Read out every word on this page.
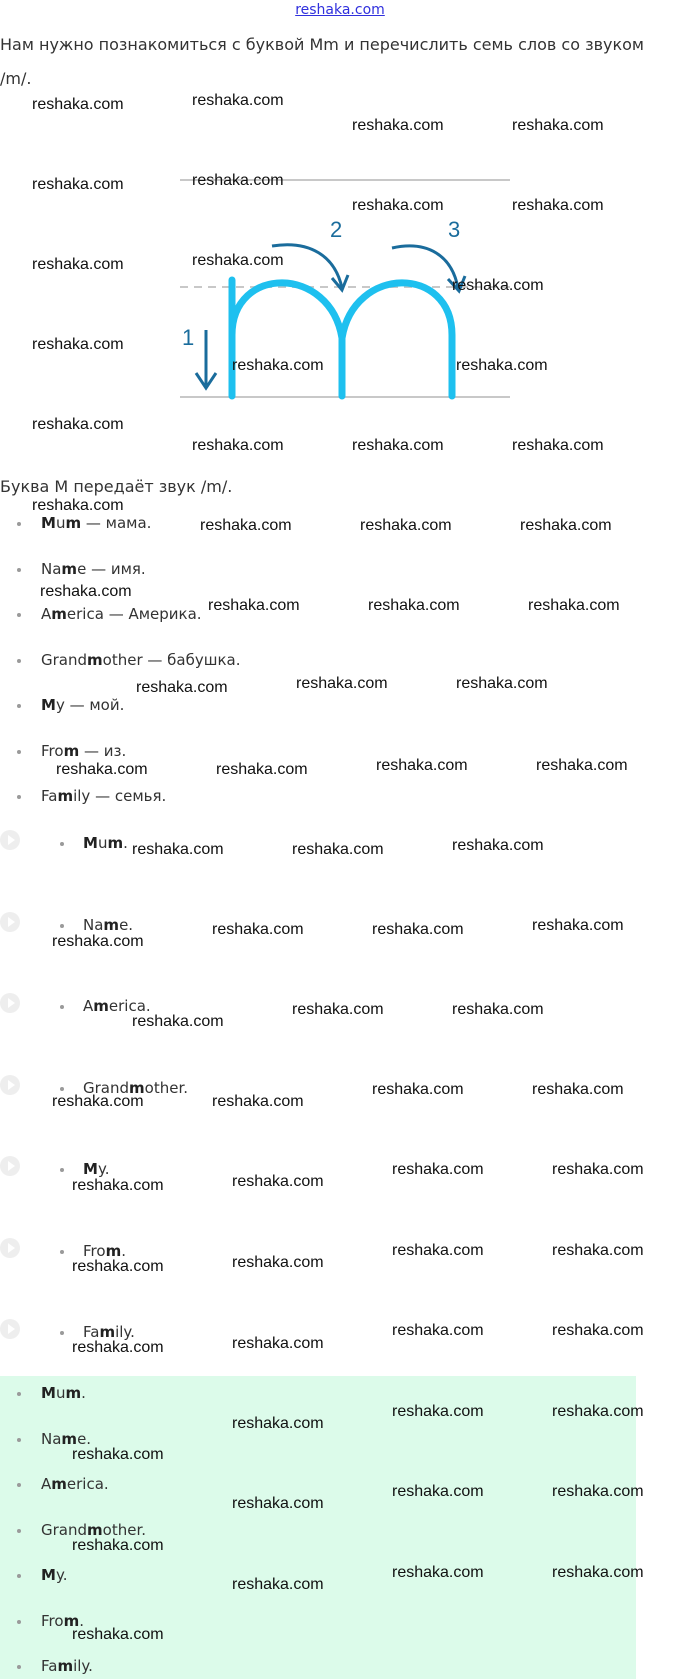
reshaka.com
Нам нужно познакомиться с буквой Mm и перечислить семь слов со звуком /m/.
1
2	3
Буква M передаёт звук /m/.
Mum — мама.
Name — имя.
America — Америка.
Grandmother — бабушка.
My — мой.
From — из.
Family — семья.
Mum.
Name.
America.
Grandmother.
My.
From.
Family.
Mum.
Name.
America.
Grandmother.
My.
From.
Family.
reshaka.com	reshaka.com
reshaka.com	reshaka.com
reshaka.com	reshaka.com
reshaka.com	reshaka.com
reshaka.com	reshaka.com
reshaka.com
reshaka.com
reshaka.com	reshaka.com
reshaka.com
reshaka.com	reshaka.com	reshaka.com
reshaka.com
reshaka.com	reshaka.com	reshaka.com
reshaka.com
reshaka.com	reshaka.com	reshaka.com
reshaka.com	reshaka.com	reshaka.com
reshaka.com	reshaka.com	reshaka.com	reshaka.com
reshaka.com	reshaka.com	reshaka.com
reshaka.com
reshaka.com	reshaka.com	reshaka.com
reshaka.com
reshaka.com	reshaka.com
reshaka.com	reshaka.com
reshaka.com	reshaka.com
reshaka.com	reshaka.com
reshaka.com	reshaka.com
reshaka.com	reshaka.com
reshaka.com	reshaka.com
reshaka.com	reshaka.com
reshaka.com	reshaka.com
reshaka.com
reshaka.com	reshaka.com
reshaka.com
reshaka.com
reshaka.com	reshaka.com
reshaka.com
reshaka.com
reshaka.com	reshaka.com
reshaka.com
